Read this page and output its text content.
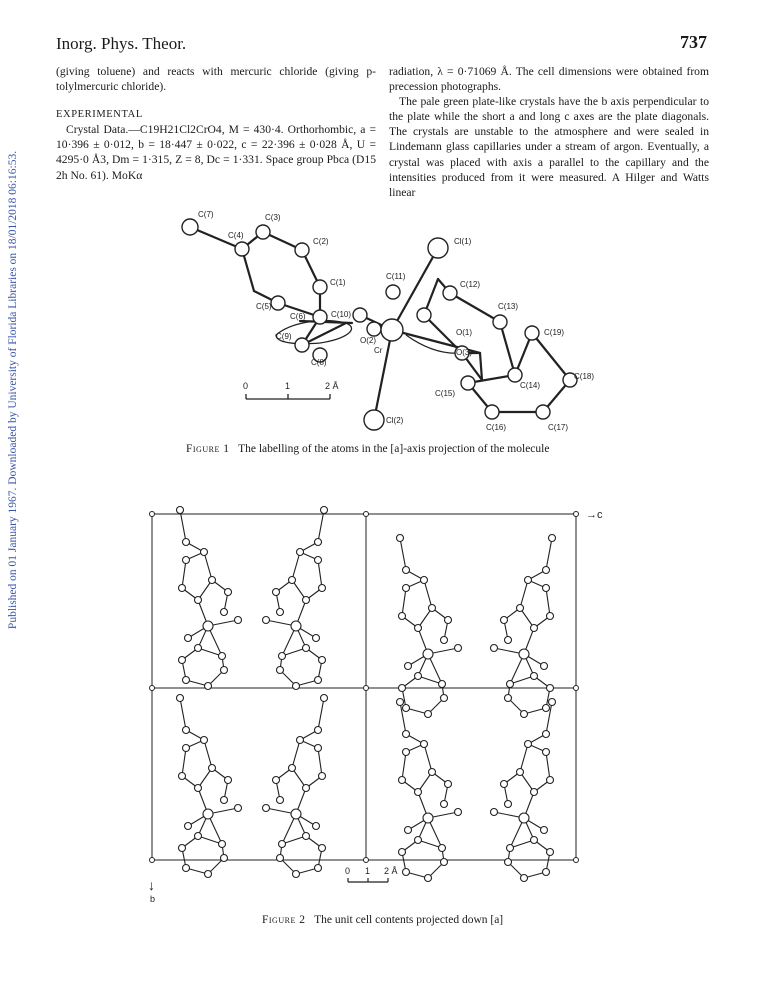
Inorg. Phys. Theor.	737
Published on 01 January 1967. Downloaded by University of Florida Libraries on 18/01/2018 06:16:53.

(giving toluene) and reacts with mercuric chloride (giving p-tolylmercuric chloride).

EXPERIMENTAL

Crystal Data.—C19H21Cl2CrO4, M = 430·4. Orthorhombic, a = 10·396 ± 0·012, b = 18·447 ± 0·022, c = 22·396 ± 0·028 Å, U = 4295·0 Å3, Dm = 1·315, Z = 8, Dc = 1·331. Space group Pbca (D15 2h No. 61). MoKα

radiation, λ = 0·71069 Å. The cell dimensions were obtained from precession photographs.

The pale green plate-like crystals have the b axis perpendicular to the plate while the short a and long c axes are the plate diagonals. The crystals are unstable to the atmosphere and were sealed in Lindemann glass capillaries under a stream of argon. Eventually, a crystal was placed with axis a parallel to the capillary and the intensities produced from it were measured. A Hilger and Watts linear

C(7)	C(3)
C(4)
C(2)	Cl(1)
C(11)
C(1)	C(12)
C(5)	C(13)
C(6)	C(10)
O(1)	C(19)
C(9)	O(2)
O(3)
C(8)
Cr
C(14)
C(18)
C(15)
C(16)	C(17)
Cl(2)
0	1	2 Å
Figure 1 The labelling of the atoms in the [a]-axis projection of the molecule
0 1 2 Å
→c
↓
b
Figure 2 The unit cell contents projected down [a]
